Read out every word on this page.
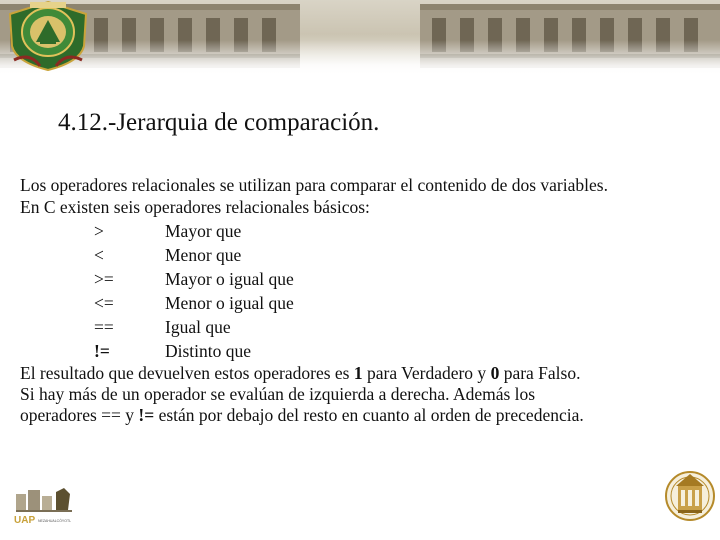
4.12.-Jerarquia de comparación.
Los operadores relacionales se utilizan para comparar el contenido de dos variables.
En C existen seis operadores relacionales básicos:
>	Mayor que
<	Menor que
>=	Mayor o igual que
<=	Menor o igual que
==	Igual que
!=	Distinto que
El resultado que devuelven estos operadores es 1 para Verdadero y 0 para Falso.
Si hay más de un operador se evalúan de izquierda a derecha. Además los
operadores == y != están por debajo del resto en cuanto al orden de precedencia.
UAP NEZAHUALCÓYOTL
